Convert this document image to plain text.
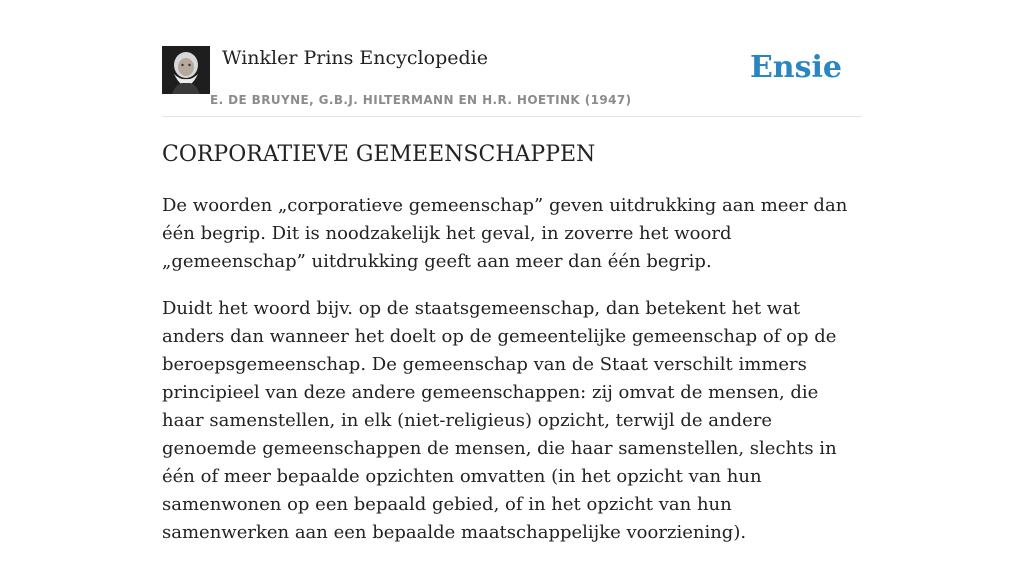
Winkler Prins Encyclopedie
E. DE BRUYNE, G.B.J. HILTERMANN EN H.R. HOETINK (1947)
Ensie
CORPORATIEVE GEMEENSCHAPPEN

De woorden „corporatieve gemeenschap” geven uitdrukking aan meer dan één begrip. Dit is noodzakelijk het geval, in zoverre het woord „gemeenschap” uitdrukking geeft aan meer dan één begrip.

Duidt het woord bijv. op de staatsgemeenschap, dan betekent het wat anders dan wanneer het doelt op de gemeentelijke gemeenschap of op de beroepsgemeenschap. De gemeenschap van de Staat verschilt immers principieel van deze andere gemeenschappen: zij omvat de mensen, die haar samenstellen, in elk (niet-religieus) opzicht, terwijl de andere genoemde gemeenschappen de mensen, die haar samenstellen, slechts in één of meer bepaalde opzichten omvatten (in het opzicht van hun samenwonen op een bepaald gebied, of in het opzicht van hun samenwerken aan een bepaalde maatschappelijke voorziening).
